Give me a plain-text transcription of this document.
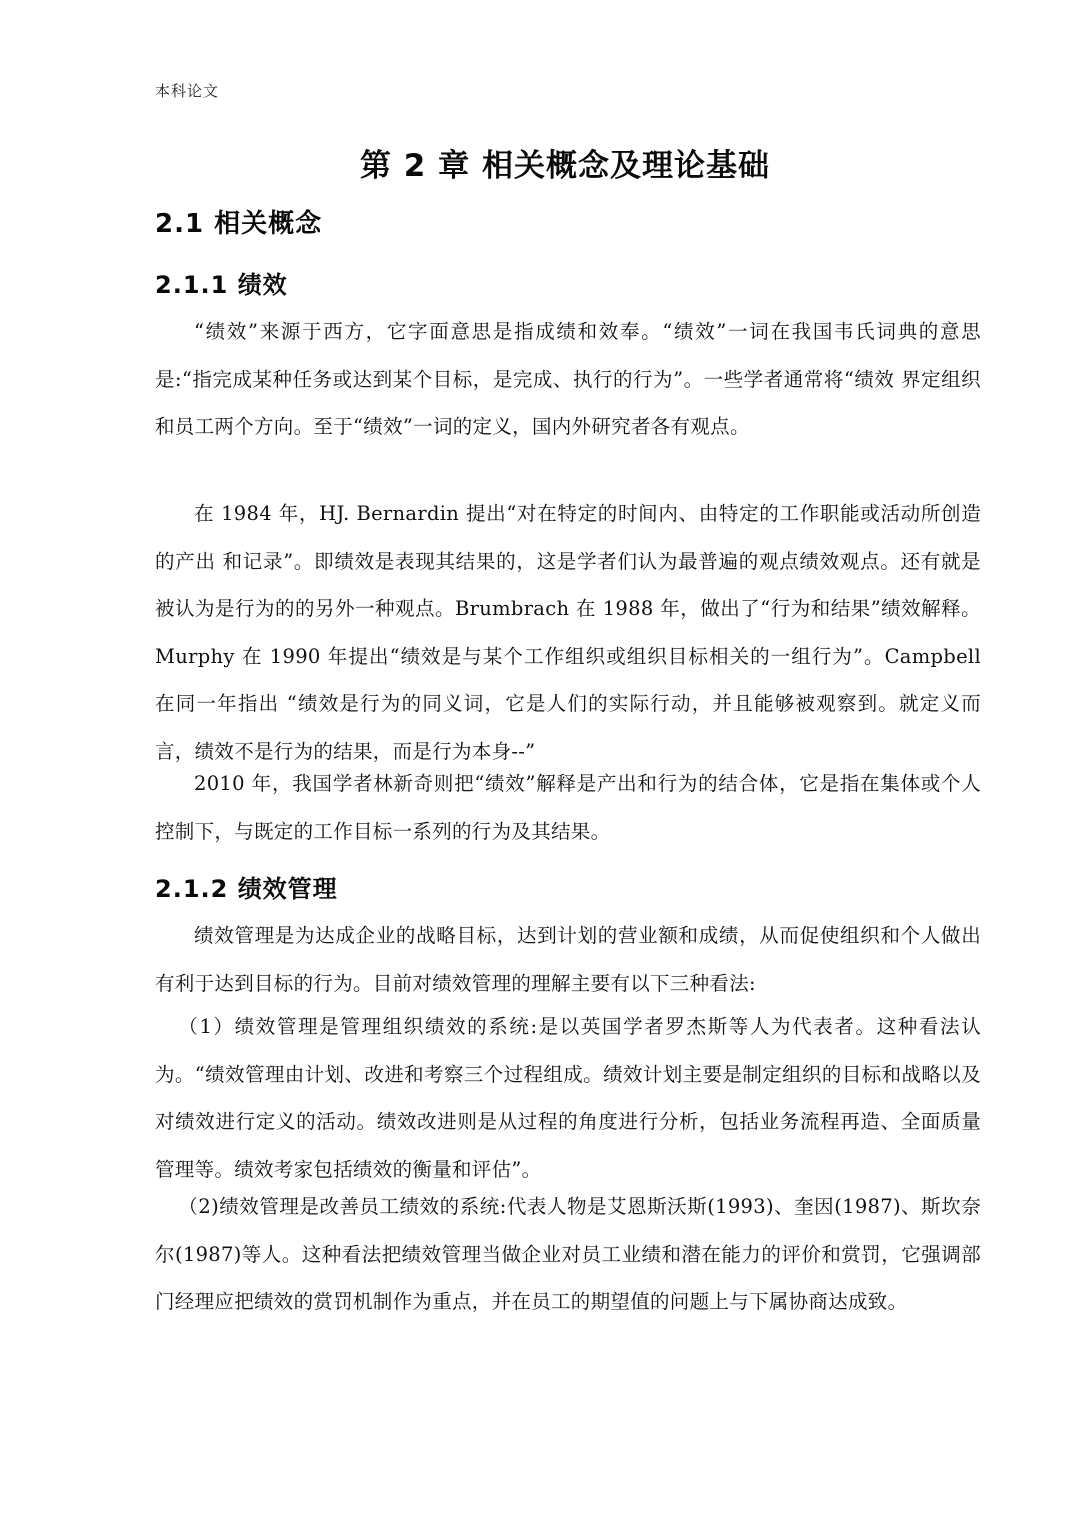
本科论文
第 2 章 相关概念及理论基础
2.1 相关概念
2.1.1 绩效

“绩效”来源于西方，它字面意思是指成绩和效奉。“绩效”一词在我国韦氏词典的意思是:“指完成某种任务或达到某个目标，是完成、执行的行为”。一些学者通常将“绩效 界定组织和员工两个方向。至于“绩效”一词的定义，国内外研究者各有观点。

在 1984 年，HJ. Bernardin 提出“对在特定的时间内、由特定的工作职能或活动所创造的产出 和记录”。即绩效是表现其结果的，这是学者们认为最普遍的观点绩效观点。还有就是被认为是行为的的另外一种观点。Brumbrach 在 1988 年，做出了“行为和结果”绩效解释。Murphy 在 1990 年提出“绩效是与某个工作组织或组织目标相关的一组行为”。Campbell 在同一年指出 “绩效是行为的同义词，它是人们的实际行动，并且能够被观察到。就定义而言，绩效不是行为的结果，而是行为本身--”

2010 年，我国学者林新奇则把“绩效”解释是产出和行为的结合体，它是指在集体或个人控制下，与既定的工作目标一系列的行为及其结果。

2.1.2 绩效管理

绩效管理是为达成企业的战略目标，达到计划的营业额和成绩，从而促使组织和个人做出有利于达到目标的行为。目前对绩效管理的理解主要有以下三种看法:

（1）绩效管理是管理组织绩效的系统:是以英国学者罗杰斯等人为代表者。这种看法认为。“绩效管理由计划、改进和考察三个过程组成。绩效计划主要是制定组织的目标和战略以及对绩效进行定义的活动。绩效改进则是从过程的角度进行分析，包括业务流程再造、全面质量管理等。绩效考家包括绩效的衡量和评估”。

（2)绩效管理是改善员工绩效的系统:代表人物是艾恩斯沃斯(1993)、奎因(1987)、斯坎奈尔(1987)等人。这种看法把绩效管理当做企业对员工业绩和潜在能力的评价和赏罚，它强调部门经理应把绩效的赏罚机制作为重点，并在员工的期望值的问题上与下属协商达成致。
